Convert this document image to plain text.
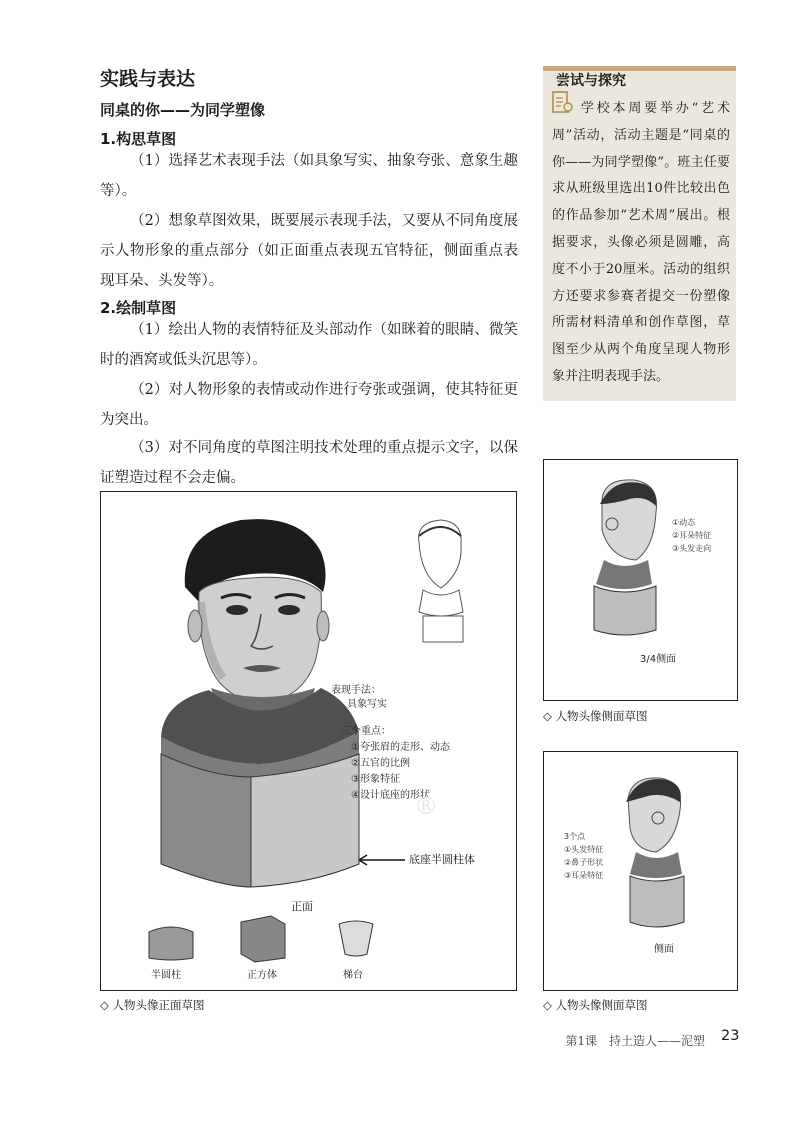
实践与表达
同桌的你——为同学塑像
1.构思草图
（1）选择艺术表现手法（如具象写实、抽象夸张、意象生趣等）。
（2）想象草图效果，既要展示表现手法，又要从不同角度展示人物形象的重点部分（如正面重点表现五官特征，侧面重点表现耳朵、头发等）。
2.绘制草图
（1）绘出人物的表情特征及头部动作（如眯着的眼睛、微笑时的酒窝或低头沉思等）。
（2）对人物形象的表情或动作进行夸张或强调，使其特征更为突出。
（3）对不同角度的草图注明技术处理的重点提示文字，以保证塑造过程不会走偏。
尝试与探究
学校本周要举办“艺术周”活动，活动主题是“同桌的你——为同学塑像”。班主任要求从班级里选出10件比较出色的作品参加“艺术周”展出。根据要求，头像必须是圆雕，高度不小于20厘米。活动的组织方还要求参赛者提交一份塑像所需材料清单和创作草图，草图至少从两个角度呈现人物形象并注明表现手法。
表现手法：
具象写实
三个重点：
①夸张眉的走形、动态
②五官的比例
③形象特征
④设计底座的形状
®
底座半圆柱体
正面
半圆柱	正方体	梯台
◇ 人物头像正面草图
①动态
②耳朵特征
③头发走向
3/4侧面
◇ 人物头像侧面草图
3个点
①头发特征
②鼻子形状
③耳朵特征
侧面
◇ 人物头像侧面草图
第1课　持土造人——泥塑 23
